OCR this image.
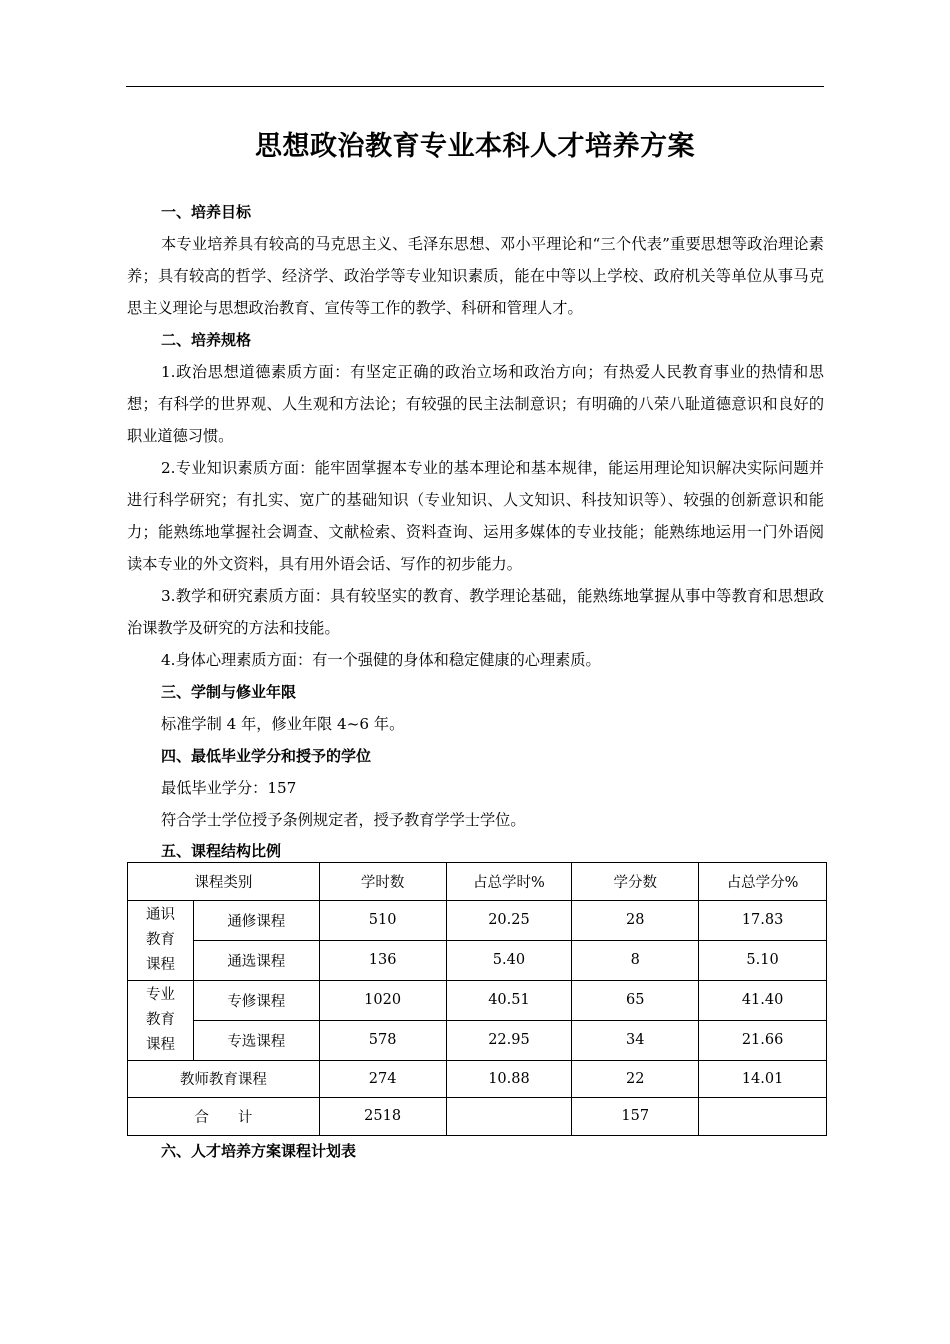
思想政治教育专业本科人才培养方案
一、培养目标

本专业培养具有较高的马克思主义、毛泽东思想、邓小平理论和“三个代表”重要思想等政治理论素养；具有较高的哲学、经济学、政治学等专业知识素质，能在中等以上学校、政府机关等单位从事马克思主义理论与思想政治教育、宣传等工作的教学、科研和管理人才。

二、培养规格

1.政治思想道德素质方面：有坚定正确的政治立场和政治方向；有热爱人民教育事业的热情和思想；有科学的世界观、人生观和方法论；有较强的民主法制意识；有明确的八荣八耻道德意识和良好的职业道德习惯。

2.专业知识素质方面：能牢固掌握本专业的基本理论和基本规律，能运用理论知识解决实际问题并进行科学研究；有扎实、宽广的基础知识（专业知识、人文知识、科技知识等）、较强的创新意识和能力；能熟练地掌握社会调查、文献检索、资料查询、运用多媒体的专业技能；能熟练地运用一门外语阅读本专业的外文资料，具有用外语会话、写作的初步能力。

3.教学和研究素质方面：具有较坚实的教育、教学理论基础，能熟练地掌握从事中等教育和思想政治课教学及研究的方法和技能。

4.身体心理素质方面：有一个强健的身体和稳定健康的心理素质。

三、学制与修业年限

标准学制 4 年，修业年限 4~6 年。

四、最低毕业学分和授予的学位

最低毕业学分：157

符合学士学位授予条例规定者，授予教育学学士学位。

五、课程结构比例
课程类别		学时数	占总学时%	学分数	占总学分%
通识
教育
课程	通修课程	510	20.25	28	17.83
	通选课程	136	5.40	8	5.10
专业
教育
课程	专修课程	1020	40.51	65	41.40
	专选课程	578	22.95	34	21.66
教师教育课程		274	10.88	22	14.01
合　　计		2518		157	
六、人才培养方案课程计划表
